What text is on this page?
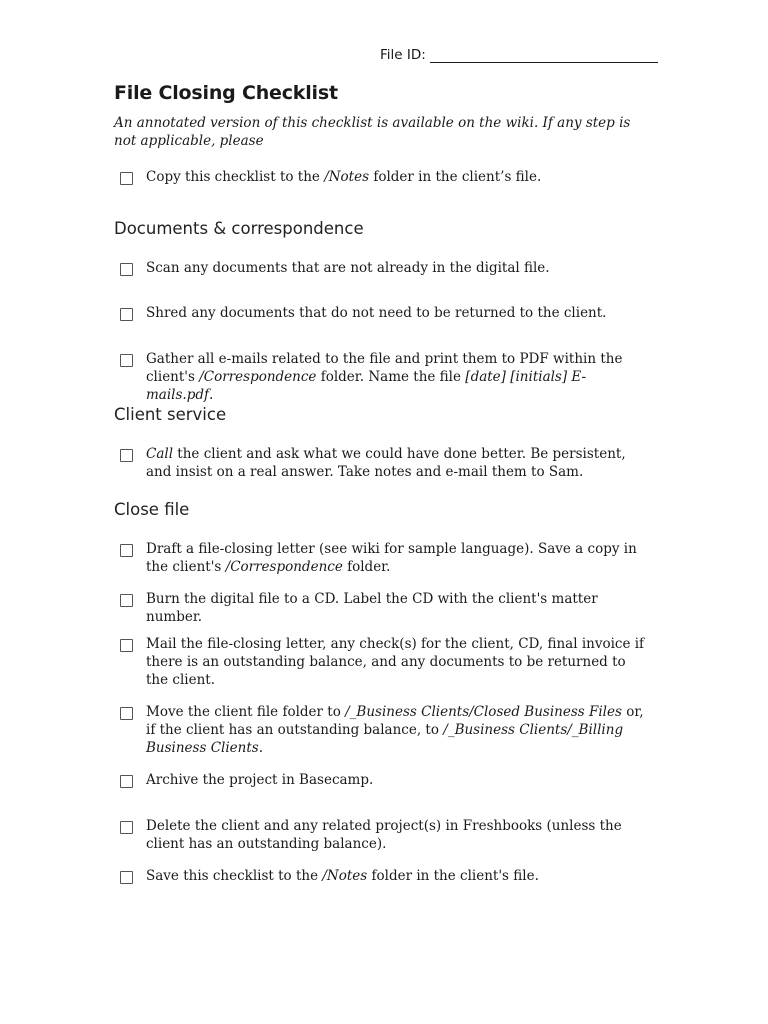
File ID:
File Closing Checklist
An annotated version of this checklist is available on the wiki. If any step is not applicable, please
Copy this checklist to the /Notes folder in the client’s file.
Documents & correspondence
Scan any documents that are not already in the digital file.
Shred any documents that do not need to be returned to the client.
Gather all e-mails related to the file and print them to PDF within the client's /Correspondence folder. Name the file [date] [initials] E-mails.pdf.
Client service
Call the client and ask what we could have done better. Be persistent, and insist on a real answer. Take notes and e-mail them to Sam.
Close file
Draft a file-closing letter (see wiki for sample language). Save a copy in the client's /Correspondence folder.
Burn the digital file to a CD. Label the CD with the client's matter number.
Mail the file-closing letter, any check(s) for the client, CD, final invoice if there is an outstanding balance, and any documents to be returned to the client.
Move the client file folder to /_Business Clients/Closed Business Files or, if the client has an outstanding balance, to /_Business Clients/_Billing Business Clients.
Archive the project in Basecamp.
Delete the client and any related project(s) in Freshbooks (unless the client has an outstanding balance).
Save this checklist to the /Notes folder in the client's file.
